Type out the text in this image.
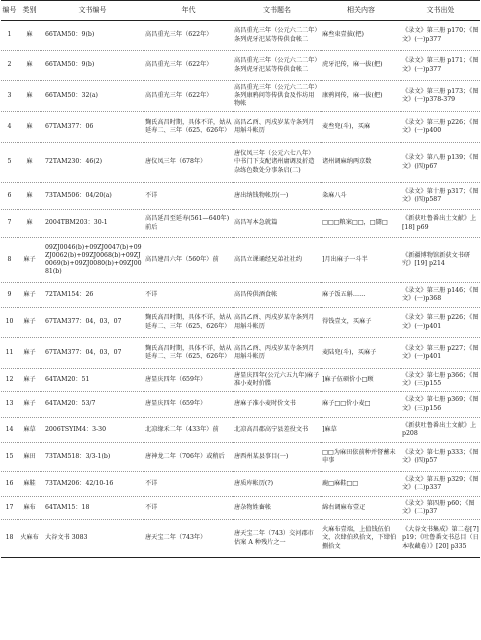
编号	类别	文书编号	年代	文书题名	相关内容	文书出处
1	麻	66TAM50：9(b)	高昌重光三年（622年）	高昌重光三年（公元六二二年）条列虎牙汜某等传供食帐二	麻叁束壹拔(把)	《录文》第三册 p170；《图文》(一)p377
2	麻	66TAM50：9(b)	高昌重光三年（622年）	高昌重光三年（公元六二二年）条列虎牙汜某等传供食帐二	虎牙汜传，麻一拔(把)	《录文》第三册 p171；《图文》(一)p377
3	麻	66TAM50：32(a)	高昌重光三年（622年）	高昌重光三年（公元六二二年）条列康鸦问等传供食及作坊用物帐	康鸦问传，麻一拔(把)	《录文》第三册 p173；《图文》(一)p378-379
4	麻	67TAM377：06	麴氏高昌时期，具体不详，姑从延寿二、三年（625、626年）	高昌乙酉、丙戌岁某寺条列月用斛斗帐历	麦叁兜(斗)，买麻	《录文》第三册 p226；《图文》(一)p400
5	麻	72TAM230：46(2)	唐仪凤三年（678年）	唐仪凤三年（公元六七八年）中书门下支配诸州庸调及折造杂练色数处分事条启(二)	诸州调麻纳两京数	《录文》第八册 p139；《图文》(四)p67
6	麻	73TAM506：04/20(a)	不详	唐出纳钱物帐历(一)	粂麻八斗	《录文》第十册 p317；《图文》(四)p587
7	麻	2004TBM203：30-1	高昌延昌至延寿(561—640年)前后	高昌写本急就篇	□□□粮案□□，□闘□	《新获吐鲁番出土文献》上[18] p69
8	麻子	09ZJ0046(b)+09ZJ0047(b)+09ZJ0062(b)+09ZJ0068(b)+09ZJ0069(b)+09ZJ0080(b)+09ZJ0081(b)	高昌建昌六年（560年）前	高昌立课诵经兄弟社社约	]月出麻子一斗半	《新疆博物馆新获文书研究》[19] p214
9	麻子	72TAM154：26	不详	高昌传供酒食帐	麻子饭五斛……	《录文》第三册 p146；《图文》(一)p368
10	麻子	67TAM377：04，03，07	麴氏高昌时期，具体不详，姑从延寿二、三年（625、626年）	高昌乙酉、丙戌岁某寺条列月用斛斗帐历	得钱壹文，买麻子	《录文》第三册 p226；《图文》(一)p401
11	麻子	67TAM377：04，03，07	麴氏高昌时期，具体不详，姑从延寿二、三年（625、626年）	高昌乙酉、丙戌岁某寺条列月用斛斗帐历	麦陆兜(斗)，买麻子	《录文》第三册 p227；《图文》(一)p401
12	麻子	64TAM20：51	唐显庆四年（659年）	唐显庆四年(公元六五九年)麻子准小麦时价牒	]麻子伍硕价小□顾	《录文》第七册 p366；《图文》(三)p155
13	麻子	64TAM20：53/7	唐显庆四年（659年）	唐麻子准小麦时价文书	麻子□□价小麦□	《录文》第七册 p369；《图文》(三)p156
14	麻草	2006TSYIM4：3-30	北凉缘禾二年（433年）前	北凉高昌郡高宁县差役文书	]麻草	《新获吐鲁番出土文献》上 p208
15	麻田	73TAM518：3/3-1(b)	唐神龙二年（706年）或稍后	唐西州某县事目(一)	□□为麻田依前种并督蓄未申事	《录文》第七册 p333；《图文》(四)p57
16	麻鞋	73TAM206：42/10-16	不详	唐质库帐历(?)	鹿□麻鞋□□	《录文》第五册 p329；《图文》(二)p337
17	麻布	64TAM15：18	不详	唐杂物姓畜帐	綿右调麻布壹疋	《录文》第四册 p60；《图文》(二)p37
18	火麻布	大谷文书 3083	唐天宝二年（743年）	唐天宝二年（743）交河郡市估案 A 种残片之一	火麻布壹端，上值钱伍伯文，次肆伯玖拾文，下肆伯捌拾文	《大谷文书集成》第二卷[7] p19；《吐鲁番文书总目（日本收藏卷）》[20] p335
